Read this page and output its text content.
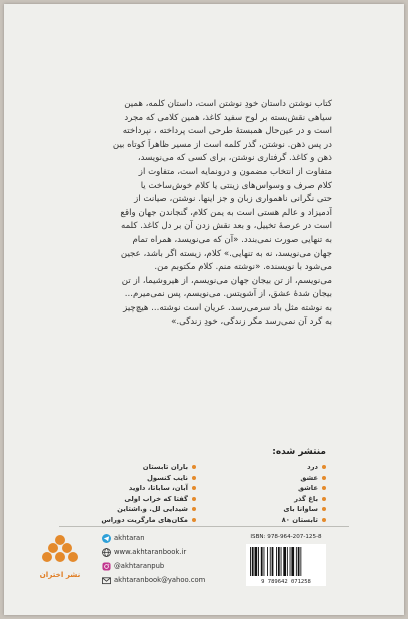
کتاب نوشتن داستان خودِ نوشتن است، داستان کلمه، همین
سیاهی نقش‌بسته بر لوح سفید کاغذ، همین کلامی که مجرد
است و در عین‌حال همبستهٔ طرحی است پرداخته ، نپرداخته
در پس ذهن. نوشتن، گذر کلمه است از مسیر ظاهراً کوتاه بین
ذهن و کاغذ. گرفتاری نوشتن، برای کسی که می‌نویسد،
متفاوت از انتخاب مضمون و درونمایه است، متفاوت از
کلام صرف و وسواس‌های زینتی یا کلام خوش‌ساخت یا
حتی نگرانی ناهمواری زبان و جز اینها. نوشتن، صیانت از
آدمیزاد و عالم هستی است به یمن کلام، گنجاندن جهان واقع
است در عرصهٔ تخییل، و بعد نقش زدن آن بر دل کاغذ. کلمه
به تنهایی صورت نمی‌بندد. «آن که می‌نویسد، همراه تمام
جهان می‌نویسد، نه به تنهایی.» کلام، زیسته اگر باشد، عجین
می‌شود با نویسنده. «نوشته منم. کلام مکتوبم من.
می‌نویسم، از تن بیجان جهان می‌نویسم، از هیروشیما، از تن
بیجان شدهٔ عشق، از آشویتس. می‌نویسم، پس نمی‌میرم...
به نوشته مثل باد سرمی‌رسد. عریان است نوشته... هیچ‌چیز
به گرد آن نمی‌رسد مگر زندگی، خودِ زندگی.»
منتشر شده:
درد
عشق
عاشق
باغ گذر
ساوانا بای
تابستان ۸۰
باران تابستان
نایب کنسول
آبان، ساباتا، داوید
گفتا که خراب اولی
شیدایی لل. و.اشتاین
مکان‌های مارگریت دوراس
نشر اختران
akhtaran
www.akhtaranbook.ir
@akhtaranpub
akhtaranbook@yahoo.com
ISBN: 978-964-207-125-8
9 789642 071258
